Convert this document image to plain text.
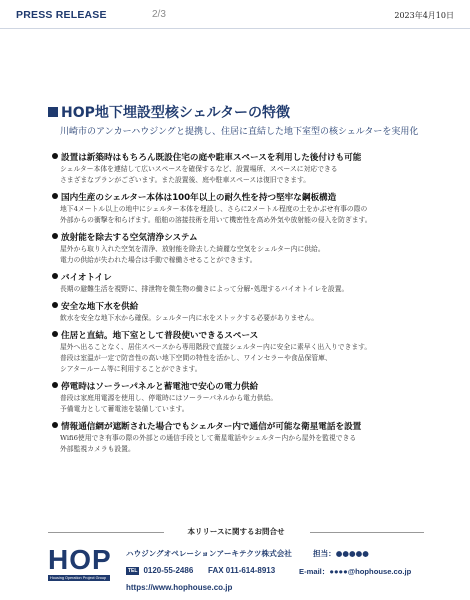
PRESS RELEASE	2/3	2023年4月10日
HOP地下埋設型核シェルターの特徴
川崎市のアンカーハウジングと提携し、住居に直結した地下室型の核シェルターを実用化
設置は新築時はもちろん既設住宅の庭や駐車スペースを利用した後付けも可能
シェルター本体を連結して広いスペースを確保するなど、設置場所、スペースに対応できる
さまざまなプランがございます。また設置後、庭や駐車スペースは復旧できます。
国内生産のシェルター本体は100年以上の耐久性を持つ堅牢な鋼板構造
地下4メートル以上の地中にシェルター本体を埋設し、さらに2メートル程度の土をかぶせ有事の際の
外部からの衝撃を和らげます。船舶の溶接技術を用いて機密性を高め外気や放射能の侵入を防ぎます。
放射能を除去する空気清浄システム
屋外から取り入れた空気を清浄、放射能を除去した綺麗な空気をシェルター内に供給。
電力の供給が失われた場合は手動で稼働させることができます。
バイオトイレ
長期の避難生活を視野に、排泄物を微生物の働きによって分解･処理するバイオトイレを設置。
安全な地下水を供給
飲水を安全な地下水から確保。シェルター内に水をストックする必要がありません。
住居と直結。地下室として普段使いできるスペース
屋外へ出ることなく、居住スペースから専用階段で直接シェルター内に安全に素早く出入りできます。
普段は室温が一定で防音性の高い地下空間の特性を活かし、ワインセラーや食品保管庫、
シアタールーム等に利用することができます。
停電時はソーラーパネルと蓄電池で安心の電力供給
普段は家庭用電源を使用し、停電時にはソーラーパネルから電力供給。
予備電力として蓄電池を装備しています。
情報通信網が遮断された場合でもシェルター内で通信が可能な衛星電話を設置
Wifi6使用でき有事の際の外部との通信手段として衛星電話やシェルター内から屋外を監視できる
外部監視カメラも設置。
本リリースに関するお問合せ
HOP
Housing Operation Project Group
ハウジングオペレーションアーキテクツ株式会社	担当：●●●●●
TEL 0120-55-2486 FAX 011-614-8913	E-mail：●●●●@hophouse.co.jp
https://www.hophouse.co.jp
